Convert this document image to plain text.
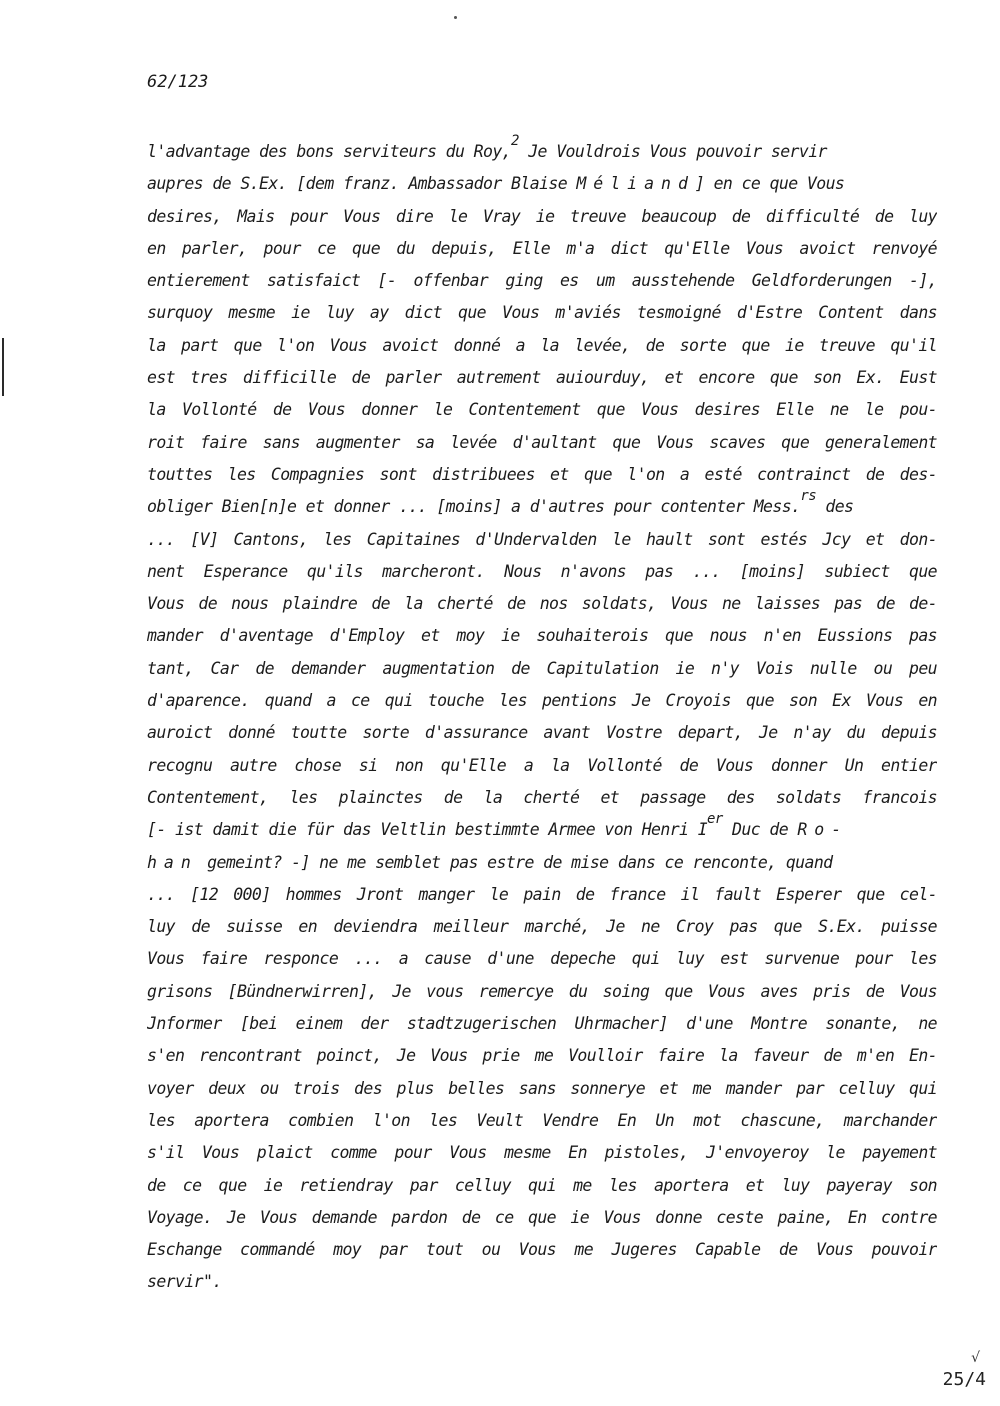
62/123
l'advantage des bons serviteurs du Roy,$^2$ Je Vouldrois Vous pouvoir servir
aupres de S.Ex. [dem franz. Ambassador Blaise Méliand] en ce que Vous
desires, Mais pour Vous dire le Vray ie treuve beaucoup de difficulté de luy
en parler, pour ce que du depuis, Elle m'a dict qu'Elle Vous avoict renvoyé
entierement satisfaict [- offenbar ging es um ausstehende Geldforderungen -],
surquoy mesme ie luy ay dict que Vous m'aviés tesmoigné d'Estre Content dans
la part que l'on Vous avoict donné a la levée, de sorte que ie treuve qu'il
est tres difficille de parler autrement auiourduy, et encore que son Ex. Eust
la Vollonté de Vous donner le Contentement que Vous desires Elle ne le pou-
roit faire sans augmenter sa levée d'aultant que Vous scaves que generalement
touttes les Compagnies sont distribuees et que l'on a esté contrainct de des-
obliger Bien[n]e et donner ... [moins] a d'autres pour contenter Mess.$^{rs}$ des
... [V] Cantons, les Capitaines d'Undervalden le hault sont estés Jcy et don-
nent Esperance qu'ils marcheront. Nous n'avons pas ... [moins] subiect que
Vous de nous plaindre de la cherté de nos soldats, Vous ne laisses pas de de-
mander d'aventage d'Employ et moy ie souhaiterois que nous n'en Eussions pas
tant, Car de demander augmentation de Capitulation ie n'y Vois nulle ou peu
d'aparence. quand a ce qui touche les pentions Je Croyois que son Ex Vous en
auroict donné toutte sorte d'assurance avant Vostre depart, Je n'ay du depuis
recognu autre chose si non qu'Elle a la Vollonté de Vous donner Un entier
Contentement, les plainctes de la cherté et passage des soldats francois
[- ist damit die für das Veltlin bestimmte Armee von Henri Ier Duc de Ro-
han gemeint? -] ne me semblet pas estre de mise dans ce renconte, quand
... [12 000] hommes Jront manger le pain de france il fault Esperer que cel-
luy de suisse en deviendra meilleur marché, Je ne Croy pas que S.Ex. puisse
Vous faire responce ... a cause d'une depeche qui luy est survenue pour les
grisons [Bündnerwirren], Je vous remercye du soing que Vous aves pris de Vous
Jnformer [bei einem der stadtzugerischen Uhrmacher] d'une Montre sonante, ne
s'en rencontrant poinct, Je Vous prie me Voulloir faire la faveur de m'en En-
voyer deux ou trois des plus belles sans sonnerye et me mander par celluy qui
les aportera combien l'on les Veult Vendre En Un mot chascune, marchander
s'il Vous plaict comme pour Vous mesme En pistoles, J'envoyeroy le payement
de ce que ie retiendray par celluy qui me les aportera et luy payeray son
Voyage. Je Vous demande pardon de ce que ie Vous donne ceste paine, En contre
Eschange commandé moy par tout ou Vous me Jugeres Capable de Vous pouvoir
servir".
√
25/4
